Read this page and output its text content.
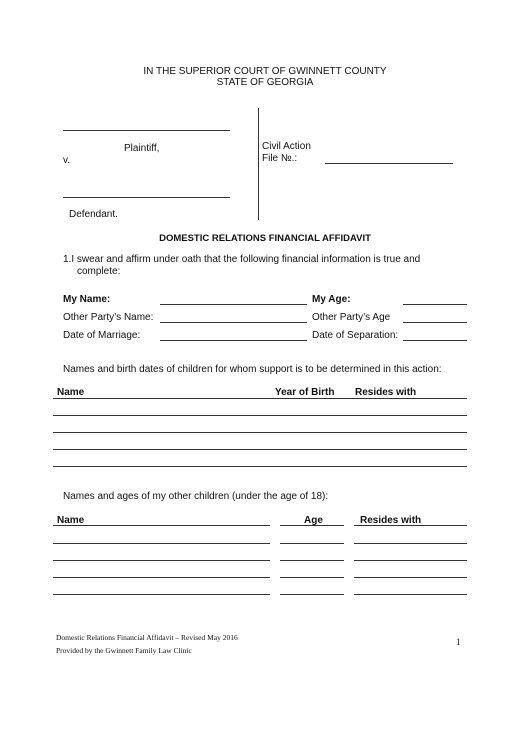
IN THE SUPERIOR COURT OF GWINNETT COUNTY
STATE OF GEORGIA
Plaintiff,
v.
Defendant.
Civil Action
File №.:
DOMESTIC RELATIONS FINANCIAL AFFIDAVIT
1.I swear and affirm under oath that the following financial information is true and
complete:
My Name:	My Age:
Other Party’s Name:	Other Party’s Age
Date of Marriage:	Date of Separation:
Names and birth dates of children for whom support is to be determined in this action:
Name	Year of Birth Resides with
Names and ages of my other children (under the age of 18):
Name	Age	Resides with
Domestic Relations Financial Affidavit – Revised May 2016
Provided by the Gwinnett Family Law Clinic
1
